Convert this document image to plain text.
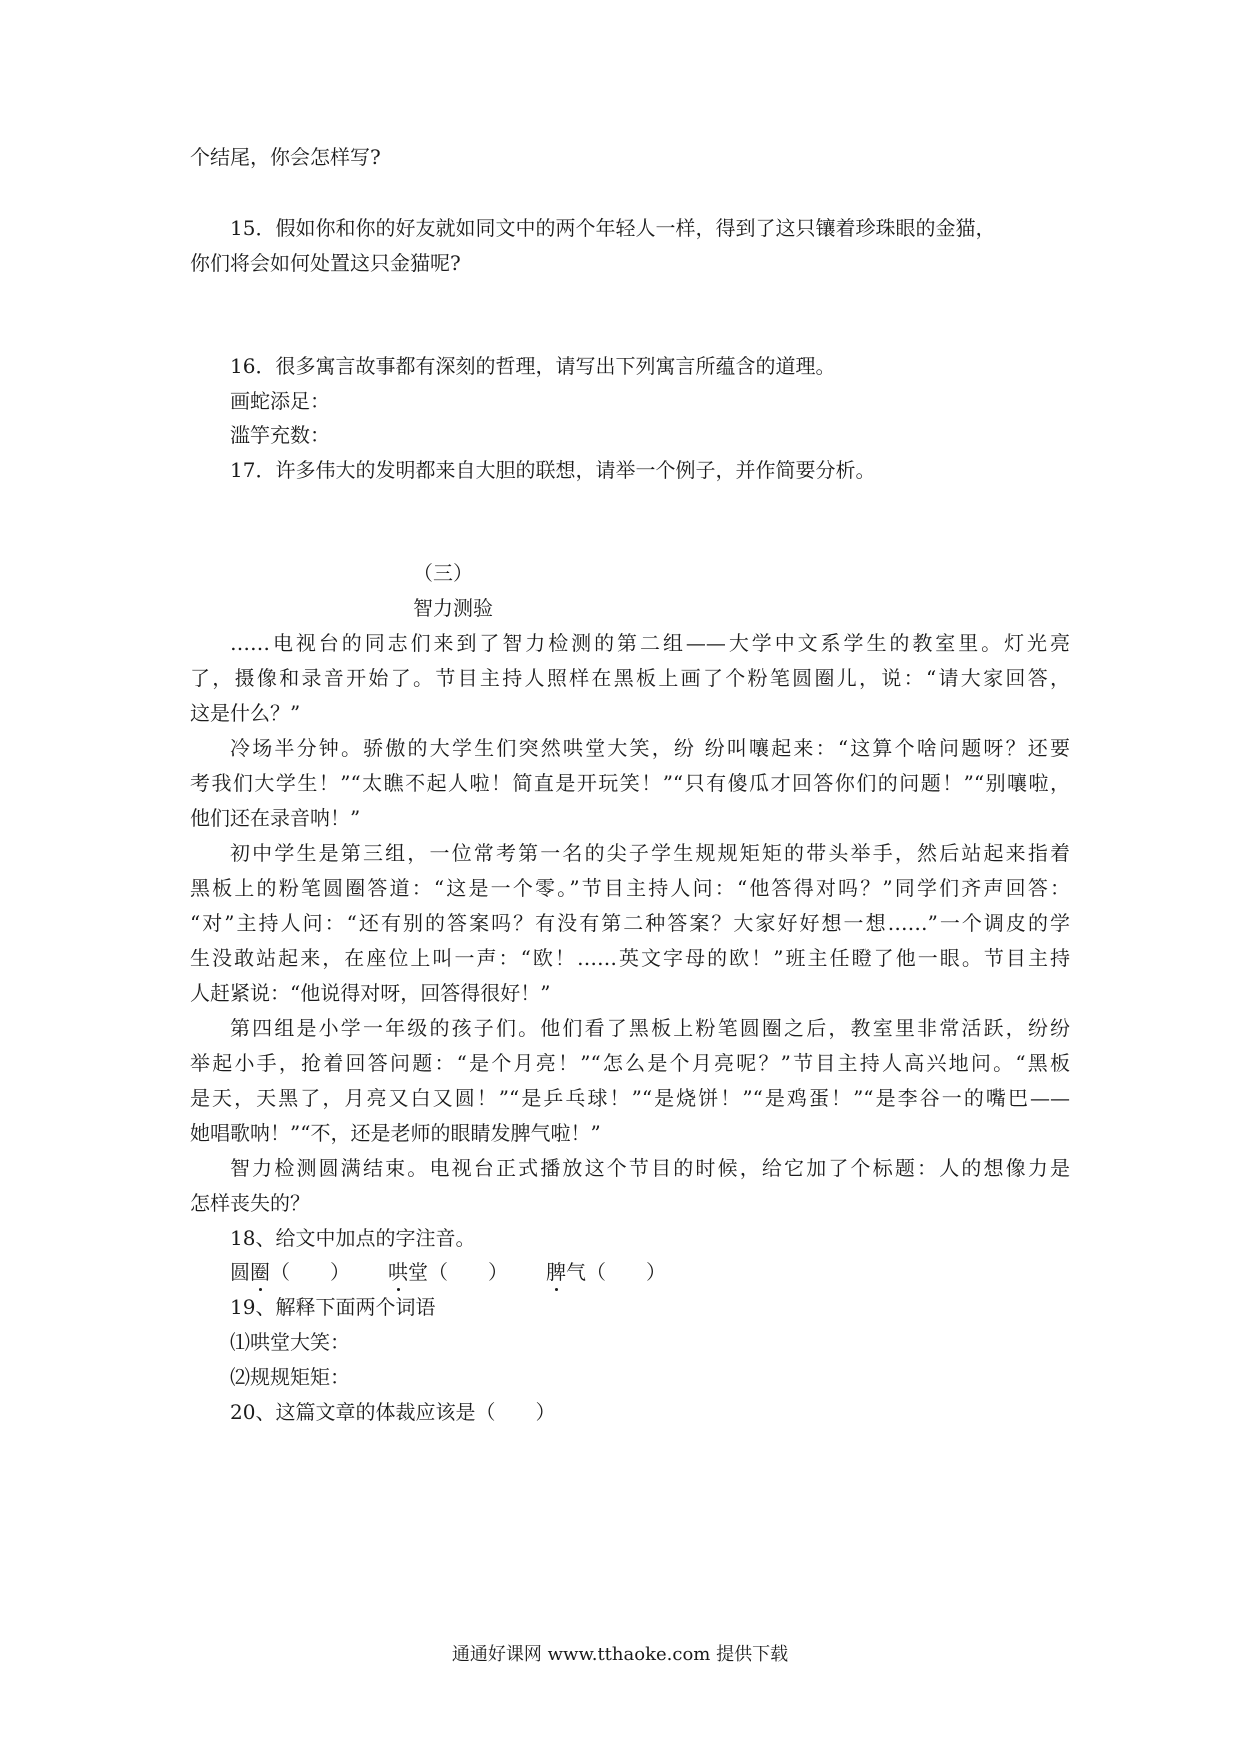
个结尾，你会怎样写?
15．假如你和你的好友就如同文中的两个年轻人一样，得到了这只镶着珍珠眼的金猫，
你们将会如何处置这只金猫呢?
16．很多寓言故事都有深刻的哲理，请写出下列寓言所蕴含的道理。
画蛇添足：
滥竽充数：
17．许多伟大的发明都来自大胆的联想，请举一个例子，并作简要分析。
（三）
智力测验
……电视台的同志们来到了智力检测的第二组——大学中文系学生的教室里。灯光亮
了，摄像和录音开始了。节目主持人照样在黑板上画了个粉笔圆圈儿，说：“请大家回答，
这是什么？”
冷场半分钟。骄傲的大学生们突然哄堂大笑，纷 纷叫嚷起来：“这算个啥问题呀？还要
考我们大学生！”“太瞧不起人啦！简直是开玩笑！”“只有傻瓜才回答你们的问题！”“别嚷啦，
他们还在录音呐！”
初中学生是第三组，一位常考第一名的尖子学生规规矩矩的带头举手，然后站起来指着
黑板上的粉笔圆圈答道：“这是一个零。”节目主持人问：“他答得对吗？”同学们齐声回答：
“对”主持人问：“还有别的答案吗？有没有第二种答案？大家好好想一想……”一个调皮的学
生没敢站起来，在座位上叫一声：“欧！……英文字母的欧！”班主任瞪了他一眼。节目主持
人赶紧说：“他说得对呀，回答得很好！”
第四组是小学一年级的孩子们。他们看了黑板上粉笔圆圈之后，教室里非常活跃，纷纷
举起小手，抢着回答问题：“是个月亮！”“怎么是个月亮呢？”节目主持人高兴地问。“黑板
是天，天黑了，月亮又白又圆！”“是乒乓球！”“是烧饼！”“是鸡蛋！”“是李谷一的嘴巴——
她唱歌呐！”“不，还是老师的眼睛发脾气啦！”
智力检测圆满结束。电视台正式播放这个节目的时候，给它加了个标题：人的想像力是
怎样丧失的？
18、给文中加点的字注音。
圆圈（　　） 哄堂（　　） 脾气（　　）
19、解释下面两个词语
⑴哄堂大笑：
⑵规规矩矩：
20、这篇文章的体裁应该是（　　）
通通好课网 www.tthaoke.com 提供下载
